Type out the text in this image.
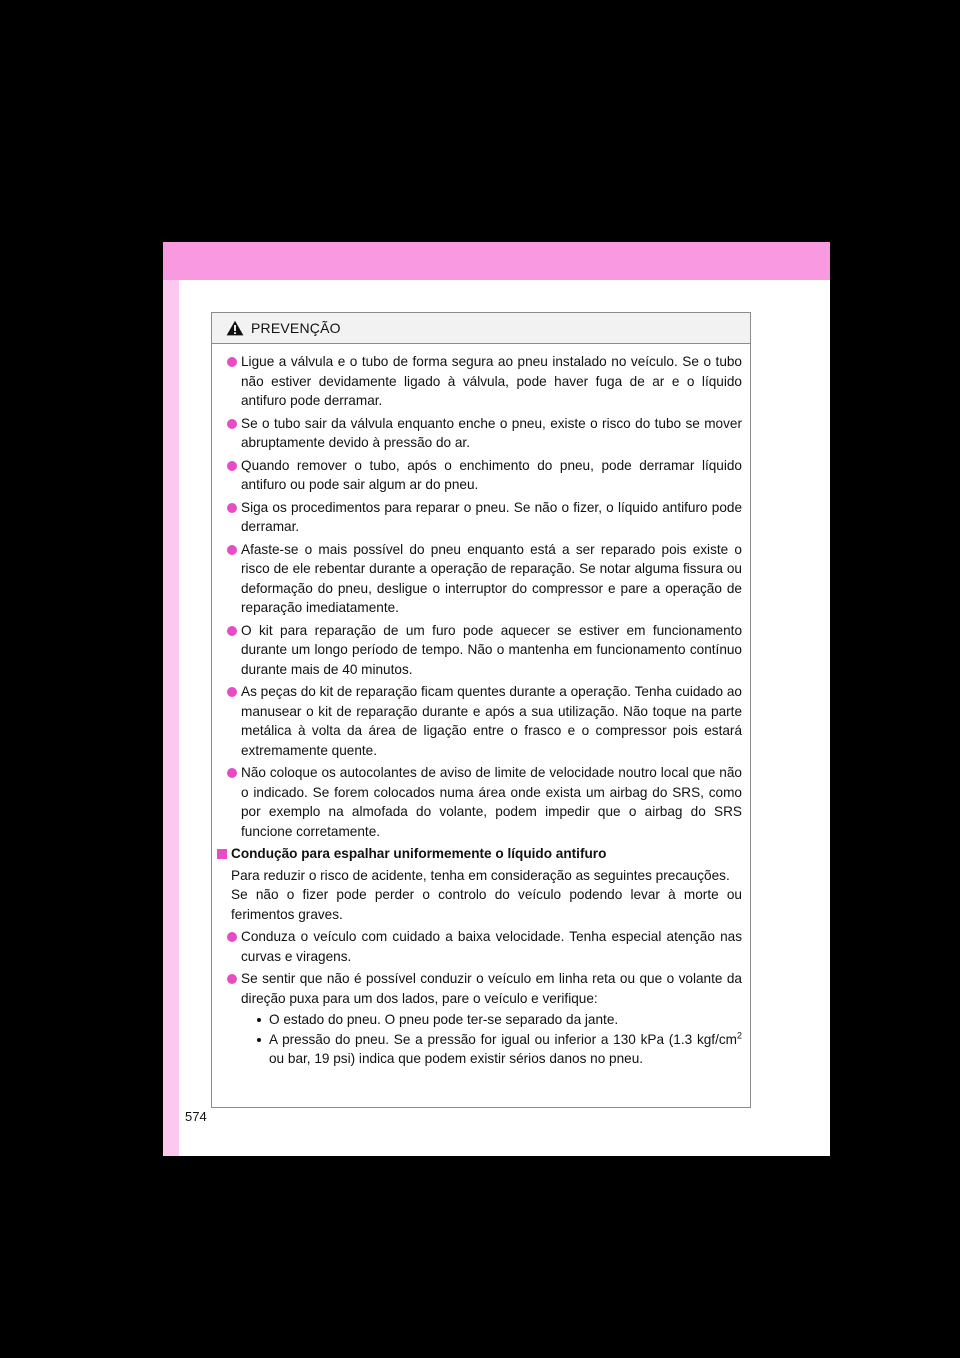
PREVENÇÃO
Ligue a válvula e o tubo de forma segura ao pneu instalado no veículo. Se o tubo não estiver devidamente ligado à válvula, pode haver fuga de ar e o líquido antifuro pode derramar.
Se o tubo sair da válvula enquanto enche o pneu, existe o risco do tubo se mover abruptamente devido à pressão do ar.
Quando remover o tubo, após o enchimento do pneu, pode derramar líquido antifuro ou pode sair algum ar do pneu.
Siga os procedimentos para reparar o pneu. Se não o fizer, o líquido antifuro pode derramar.
Afaste-se o mais possível do pneu enquanto está a ser reparado pois existe o risco de ele rebentar durante a operação de reparação. Se notar alguma fissura ou deformação do pneu, desligue o interruptor do compressor e pare a operação de reparação imediatamente.
O kit para reparação de um furo pode aquecer se estiver em funcionamento durante um longo período de tempo. Não o mantenha em funcionamento contínuo durante mais de 40 minutos.
As peças do kit de reparação ficam quentes durante a operação. Tenha cuidado ao manusear o kit de reparação durante e após a sua utilização. Não toque na parte metálica à volta da área de ligação entre o frasco e o compressor pois estará extremamente quente.
Não coloque os autocolantes de aviso de limite de velocidade noutro local que não o indicado. Se forem colocados numa área onde exista um airbag do SRS, como por exemplo na almofada do volante, podem impedir que o airbag do SRS funcione corretamente.
Condução para espalhar uniformemente o líquido antifuro
Para reduzir o risco de acidente, tenha em consideração as seguintes precauções.
Se não o fizer pode perder o controlo do veículo podendo levar à morte ou ferimentos graves.
Conduza o veículo com cuidado a baixa velocidade. Tenha especial atenção nas curvas e viragens.
Se sentir que não é possível conduzir o veículo em linha reta ou que o volante da direção puxa para um dos lados, pare o veículo e verifique:
O estado do pneu. O pneu pode ter-se separado da jante.
A pressão do pneu. Se a pressão for igual ou inferior a 130 kPa (1.3 kgf/$cm^2$ ou bar, 19 psi) indica que podem existir sérios danos no pneu.
574
